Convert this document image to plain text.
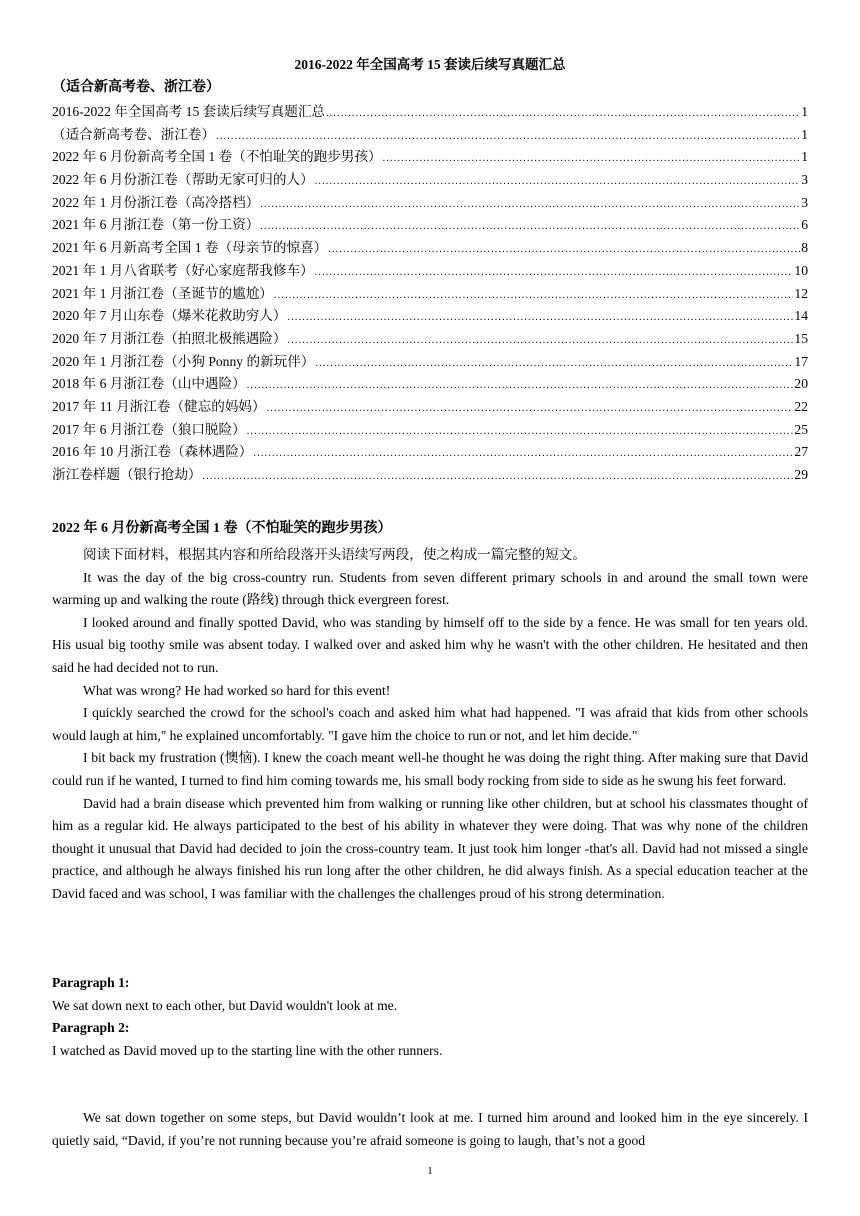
2016-2022 年全国高考 15 套读后续写真题汇总
（适合新高考卷、浙江卷）
2016-2022 年全国高考 15 套读后续写真题汇总 .....	1
（适合新高考卷、浙江卷） .....	1
2022 年 6 月份新高考全国 1 卷（不怕耻笑的跑步男孩） .....	1
2022 年 6 月份浙江卷（帮助无家可归的人） .....	3
2022 年 1 月份浙江卷（高冷搭档） .....	3
2021 年 6 月浙江卷（第一份工资） .....	6
2021 年 6 月新高考全国 1 卷（母亲节的惊喜） .....	8
2021 年 1 月八省联考（好心家庭帮我修车） .....	10
2021 年 1 月浙江卷（圣诞节的尴尬） .....	12
2020 年 7 月山东卷（爆米花救助穷人） .....	14
2020 年 7 月浙江卷（拍照北极熊遇险） .....	15
2020 年 1 月浙江卷（小狗 Ponny 的新玩伴） .....	17
2018 年 6 月浙江卷（山中遇险） .....	20
2017 年 11 月浙江卷（健忘的妈妈） .....	22
2017 年 6 月浙江卷（狼口脱险） .....	25
2016 年 10 月浙江卷（森林遇险） .....	27
浙江卷样题（银行抢劫） .....	29
2022 年 6 月份新高考全国 1 卷（不怕耻笑的跑步男孩）

阅读下面材料，根据其内容和所给段落开头语续写两段，使之构成一篇完整的短文。

It was the day of the big cross-country run. Students from seven different primary schools in and around the small town were warming up and walking the route (路线) through thick evergreen forest.

I looked around and finally spotted David, who was standing by himself off to the side by a fence. He was small for ten years old. His usual big toothy smile was absent today. I walked over and asked him why he wasn't with the other children. He hesitated and then said he had decided not to run.

What was wrong? He had worked so hard for this event!

I quickly searched the crowd for the school's coach and asked him what had happened. "I was afraid that kids from other schools would laugh at him," he explained uncomfortably. "I gave him the choice to run or not, and let him decide."

I bit back my frustration (懊恼). I knew the coach meant well-he thought he was doing the right thing. After making sure that David could run if he wanted, I turned to find him coming towards me, his small body rocking from side to side as he swung his feet forward.

David had a brain disease which prevented him from walking or running like other children, but at school his classmates thought of him as a regular kid. He always participated to the best of his ability in whatever they were doing. That was why none of the children thought it unusual that David had decided to join the cross-country team. It just took him longer -that's all. David had not missed a single practice, and although he always finished his run long after the other children, he did always finish. As a special education teacher at the David faced and was school, I was familiar with the challenges the challenges proud of his strong determination.

Paragraph 1:
We sat down next to each other, but David wouldn't look at me.
Paragraph 2:
I watched as David moved up to the starting line with the other runners.

We sat down together on some steps, but David wouldn’t look at me. I turned him around and looked him in the eye sincerely. I quietly said, “David, if you’re not running because you’re afraid someone is going to laugh, that’s not a good

1
